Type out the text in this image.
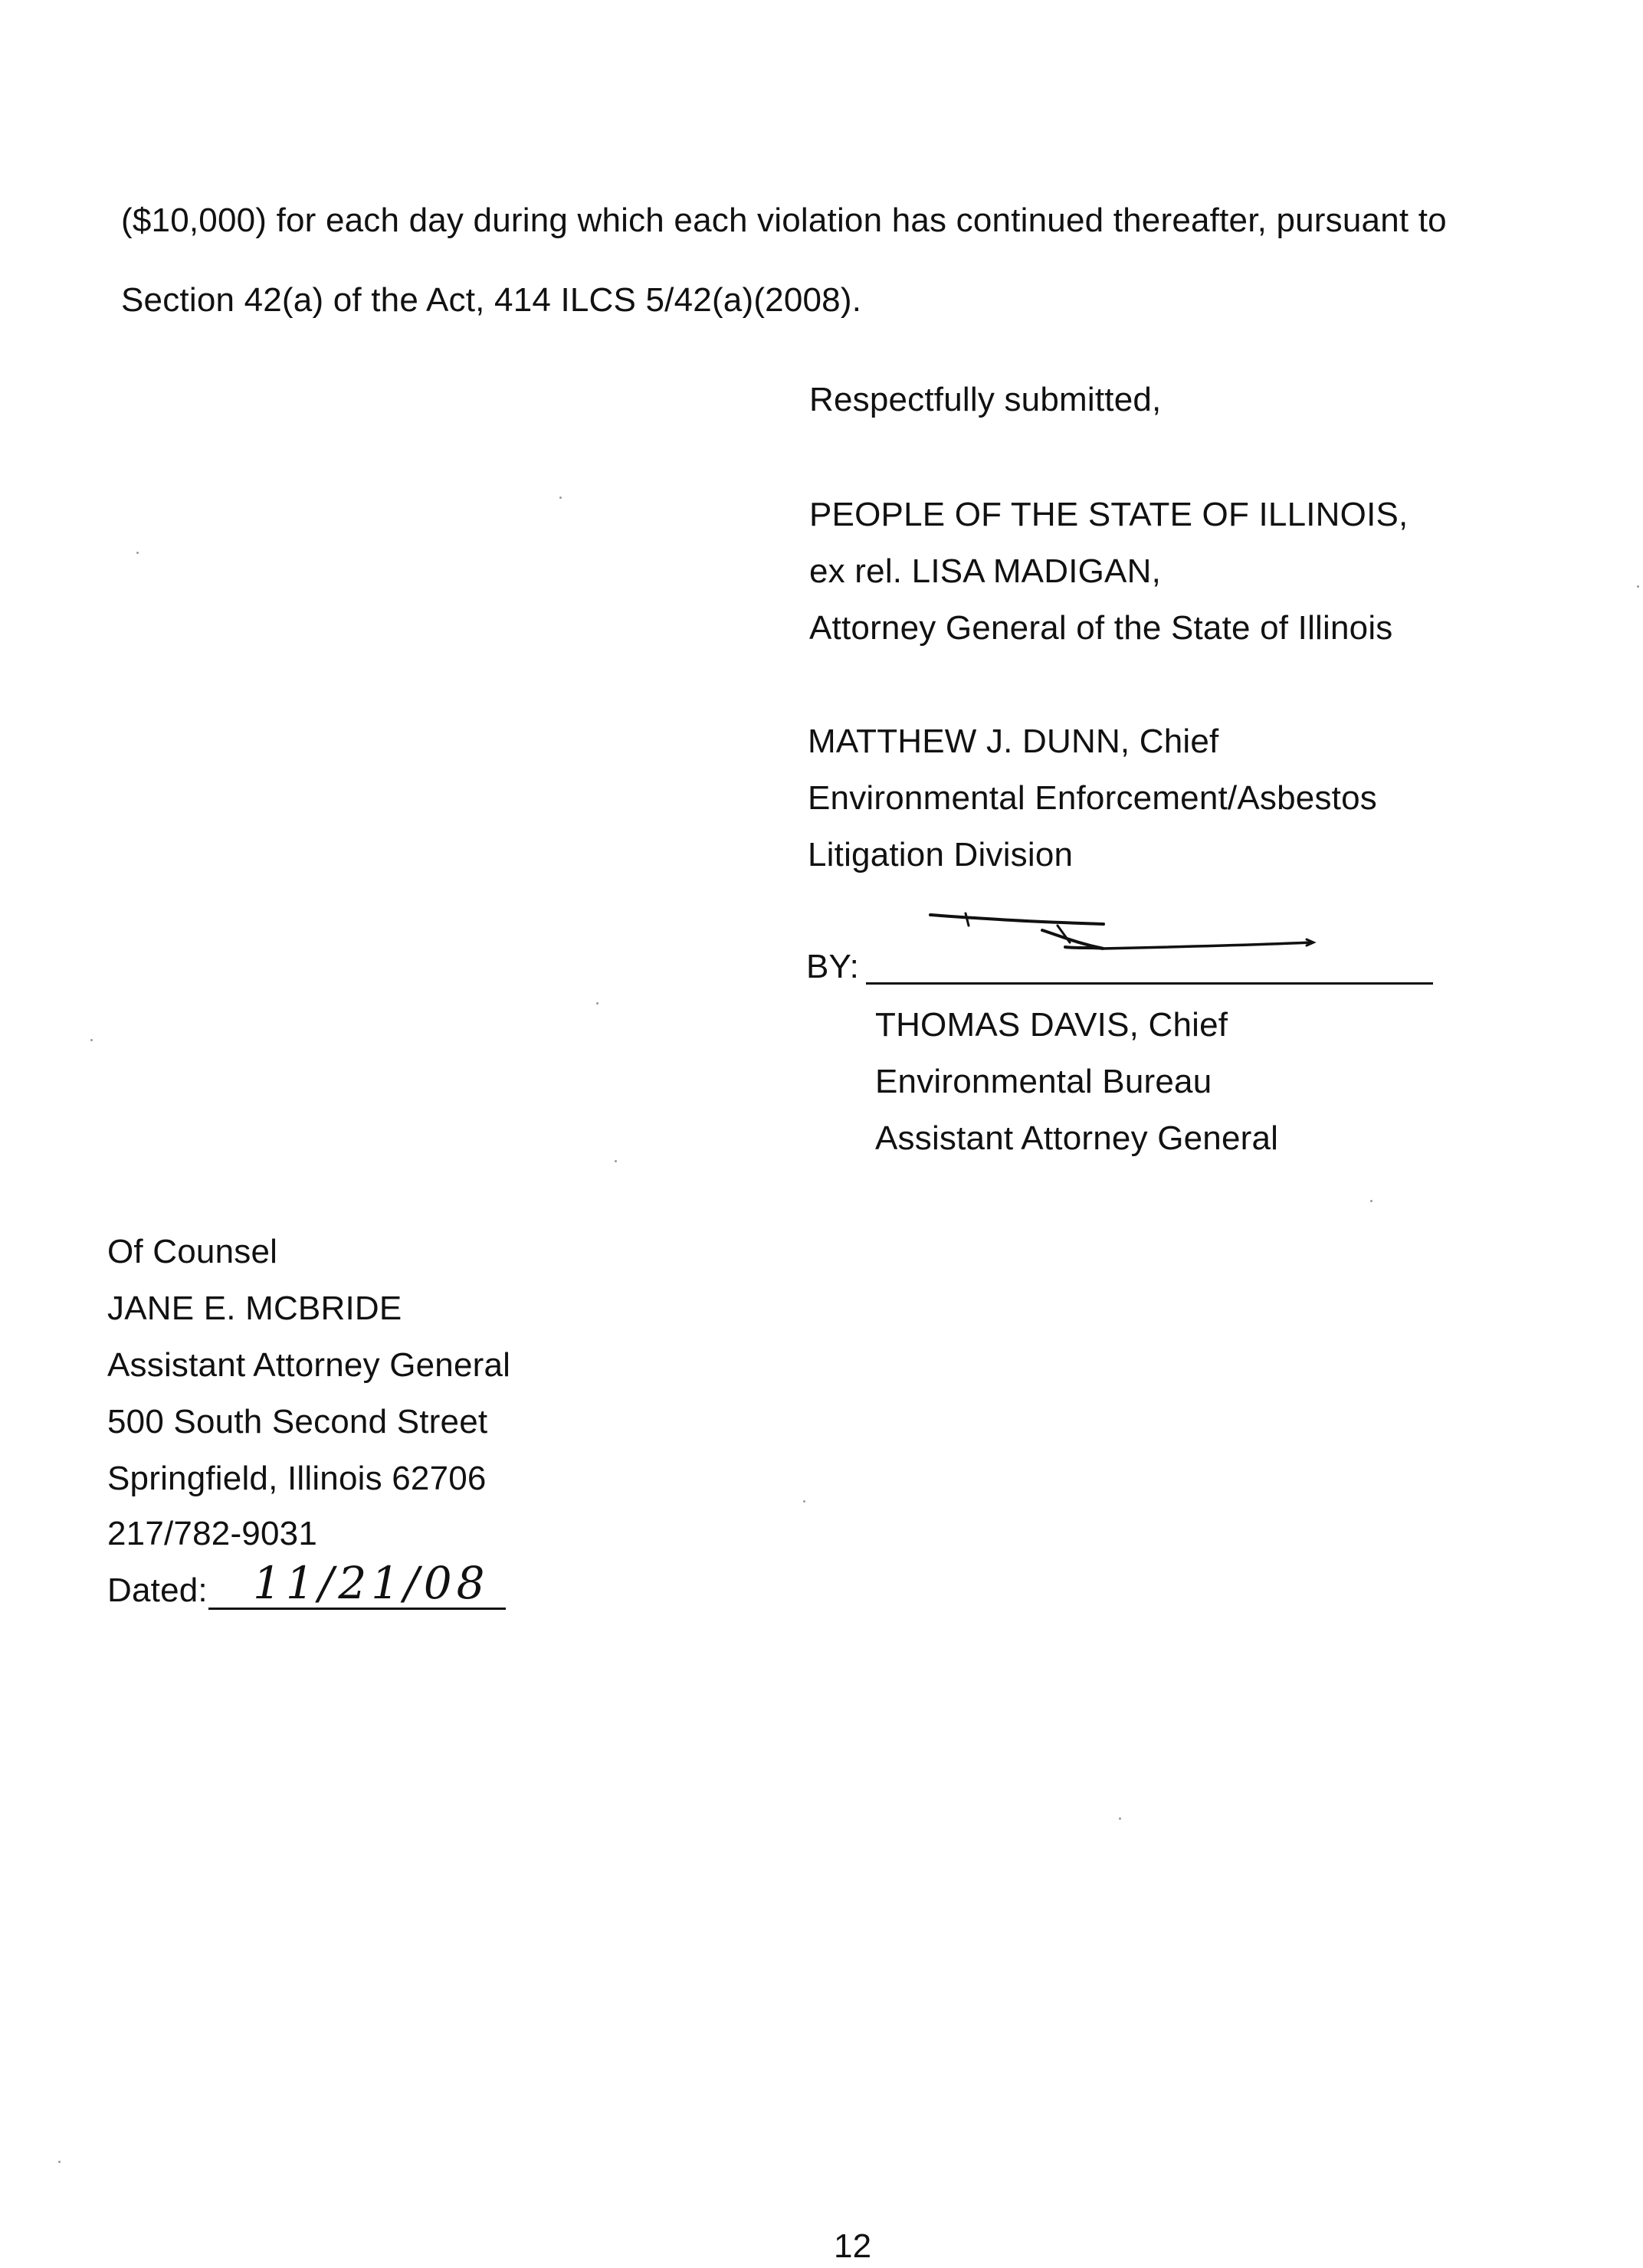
($10,000) for each day during which each violation has continued thereafter, pursuant to
Section 42(a) of the Act, 414 ILCS 5/42(a)(2008).
Respectfully submitted,
PEOPLE OF THE STATE OF ILLINOIS,
ex rel. LISA MADIGAN,
Attorney General of the State of Illinois
MATTHEW J. DUNN, Chief
Environmental Enforcement/Asbestos
Litigation Division
BY:
THOMAS DAVIS, Chief
Environmental Bureau
Assistant Attorney General
Of Counsel
JANE E. MCBRIDE
Assistant Attorney General
500 South Second Street
Springfield, Illinois 62706
217/782-9031
Dated: 11/21/08
12
